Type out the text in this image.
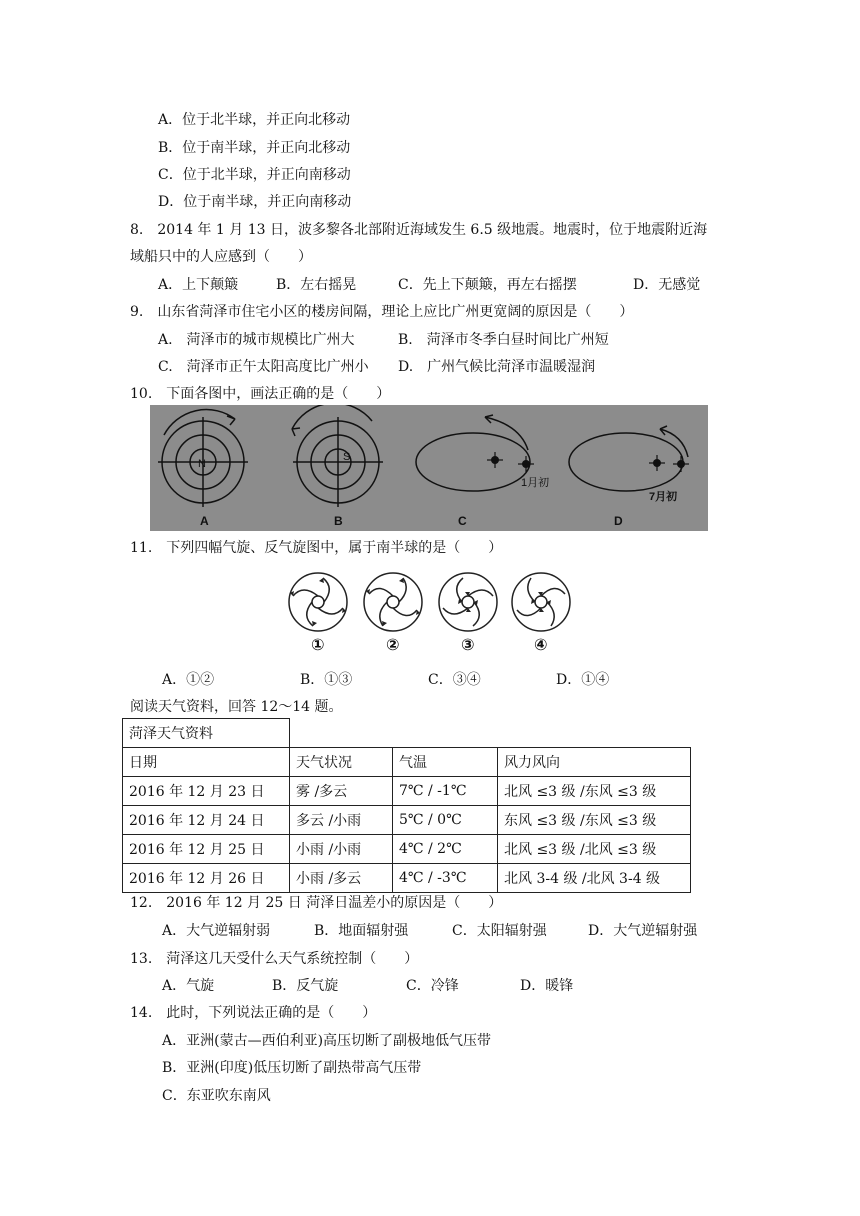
A．位于北半球，并正向北移动
B．位于南半球，并正向北移动
C．位于北半球，并正向南移动
D．位于南半球，并正向南移动
8.　2014 年 1 月 13 日，波多黎各北部附近海域发生 6.5 级地震。地震时，位于地震附近海
域船只中的人应感到（　　）
A．上下颠簸	B．左右摇晃	C．先上下颠簸，再左右摇摆	D．无感觉
9.　山东省菏泽市住宅小区的楼房间隔，理论上应比广州更宽阔的原因是（　　）
A.　菏泽市的城市规模比广州大	B.　菏泽市冬季白昼时间比广州短
C.　菏泽市正午太阳高度比广州小 D.　广州气候比菏泽市温暖湿润
10.　下面各图中，画法正确的是（　　）
N
A
S
B
1月初
C
7月初
D
11.　下列四幅气旋、反气旋图中，属于南半球的是（　　）
①	②	③	④
A．①②	B．①③	C．③④	D．①④
阅读天气资料，回答 12～14 题。
菏泽天气资料			
日期	天气状况	气温	风力风向
2016 年 12 月 23 日	雾 /多云	7℃ / -1℃	北风 ≤3 级 /东风 ≤3 级
2016 年 12 月 24 日	多云 /小雨	5℃ / 0℃	东风 ≤3 级 /东风 ≤3 级
2016 年 12 月 25 日	小雨 /小雨	4℃ / 2℃	北风 ≤3 级 /北风 ≤3 级
2016 年 12 月 26 日	小雨 /多云	4℃ / -3℃	北风 3-4 级 /北风 3-4 级
12.　2016 年 12 月 25 日 菏泽日温差小的原因是（　　）
A．大气逆辐射弱	B．地面辐射强	C．太阳辐射强	D．大气逆辐射强
13.　菏泽这几天受什么天气系统控制（　　）
A．气旋	B．反气旋	C．冷锋	D．暖锋
14.　此时，下列说法正确的是（　　）
A．亚洲(蒙古—西伯利亚)高压切断了副极地低气压带
B．亚洲(印度)低压切断了副热带高气压带
C．东亚吹东南风
